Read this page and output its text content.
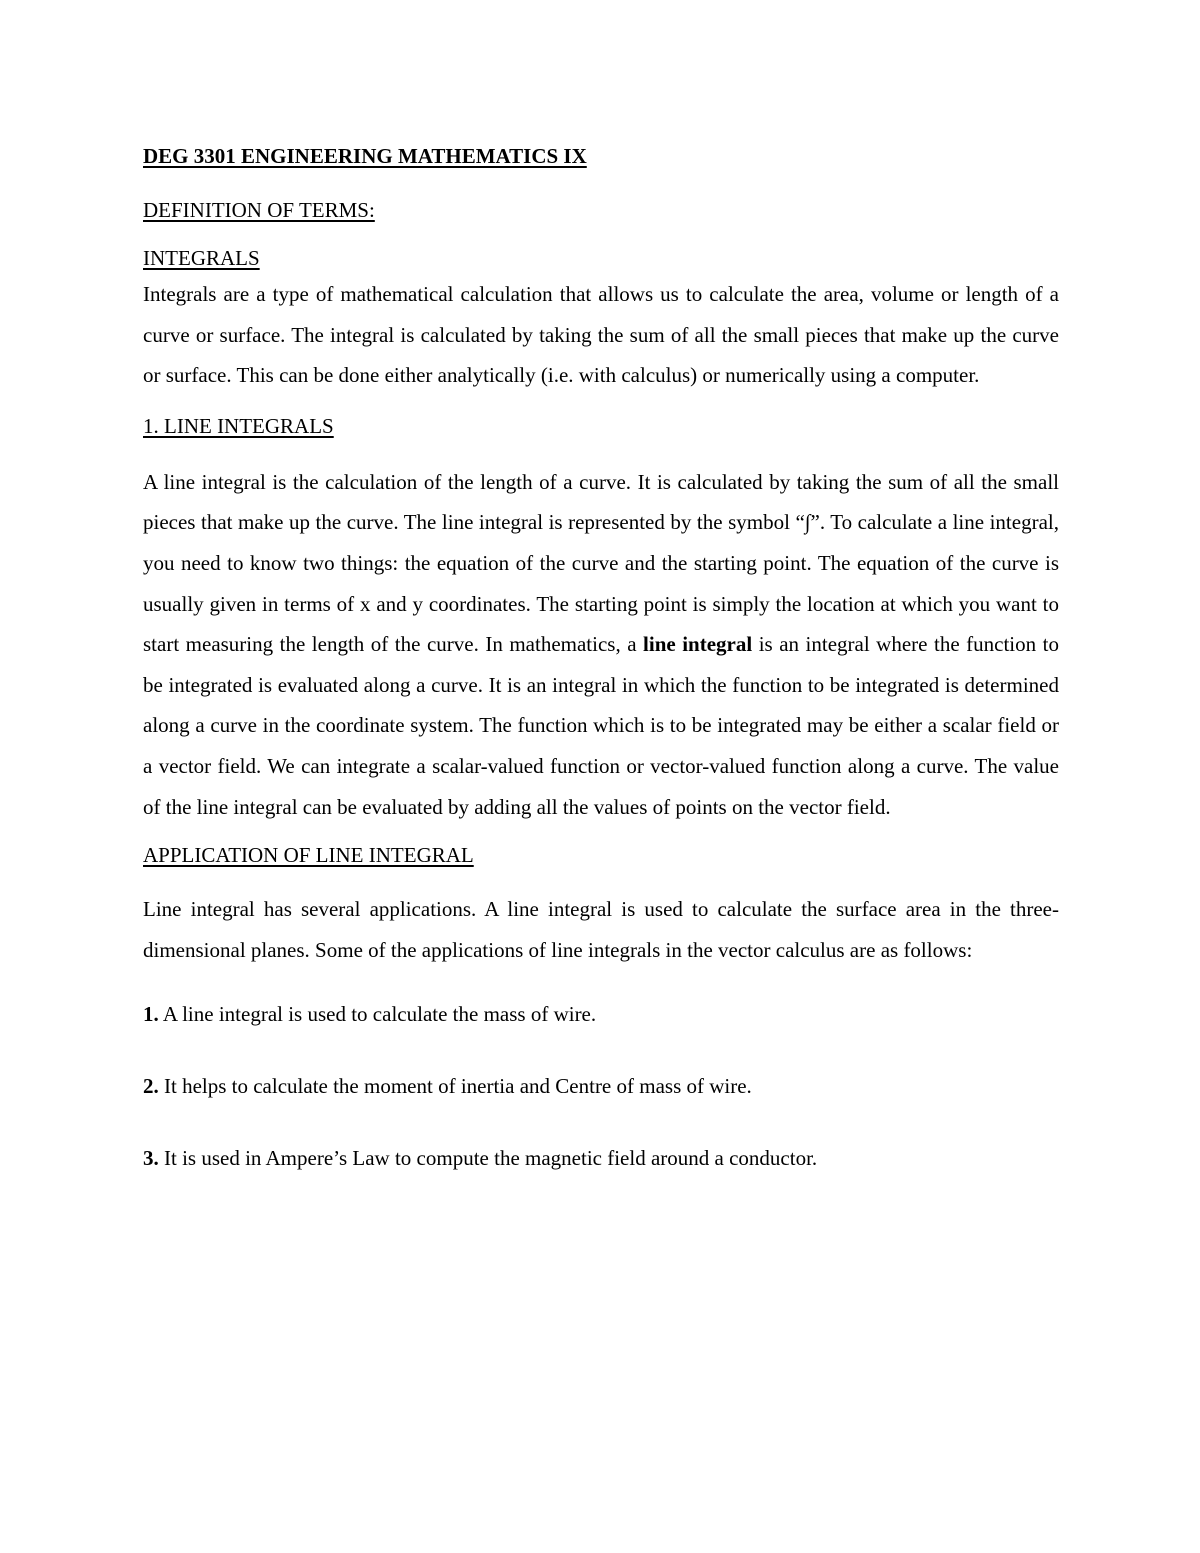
DEG 3301 ENGINEERING MATHEMATICS IX
DEFINITION OF TERMS:
INTEGRALS

Integrals are a type of mathematical calculation that allows us to calculate the area, volume or length of a curve or surface. The integral is calculated by taking the sum of all the small pieces that make up the curve or surface. This can be done either analytically (i.e. with calculus) or numerically using a computer.

1. LINE INTEGRALS

A line integral is the calculation of the length of a curve. It is calculated by taking the sum of all the small pieces that make up the curve. The line integral is represented by the symbol “∫”. To calculate a line integral, you need to know two things: the equation of the curve and the starting point. The equation of the curve is usually given in terms of x and y coordinates. The starting point is simply the location at which you want to start measuring the length of the curve. In mathematics, a line integral is an integral where the function to be integrated is evaluated along a curve. It is an integral in which the function to be integrated is determined along a curve in the coordinate system. The function which is to be integrated may be either a scalar field or a vector field. We can integrate a scalar-valued function or vector-valued function along a curve. The value of the line integral can be evaluated by adding all the values of points on the vector field.

APPLICATION OF LINE INTEGRAL

Line integral has several applications. A line integral is used to calculate the surface area in the three-dimensional planes. Some of the applications of line integrals in the vector calculus are as follows:

1. A line integral is used to calculate the mass of wire.

2. It helps to calculate the moment of inertia and Centre of mass of wire.

3. It is used in Ampere’s Law to compute the magnetic field around a conductor.
